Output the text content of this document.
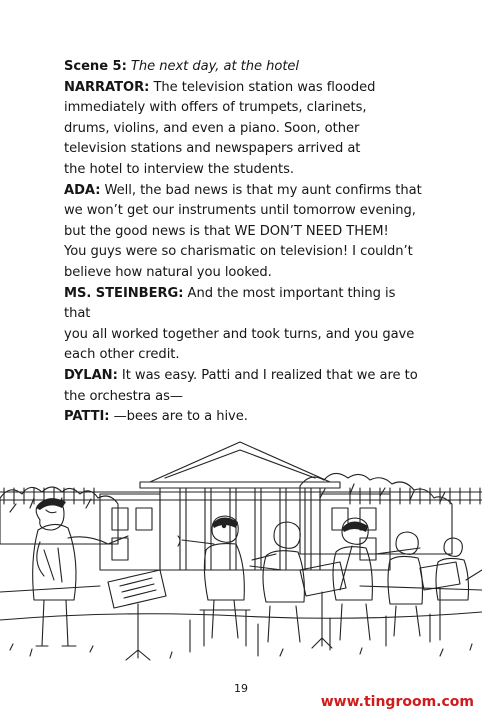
Scene 5: The next day, at the hotel

NARRATOR: The television station was flooded
immediately with offers of trumpets, clarinets,
drums, violins, and even a piano. Soon, other
television stations and newspapers arrived at
the hotel to interview the students.

ADA: Well, the bad news is that my aunt confirms that
we won’t get our instruments until tomorrow evening,
but the good news is that WE DON’T NEED THEM!
You guys were so charismatic on television! I couldn’t
believe how natural you looked.

MS. STEINBERG: And the most important thing is that
you all worked together and took turns, and you gave
each other credit.

DYLAN: It was easy. Patti and I realized that we are to
the orchestra as—

PATTI: —bees are to a hive.

19
www.tingroom.com
